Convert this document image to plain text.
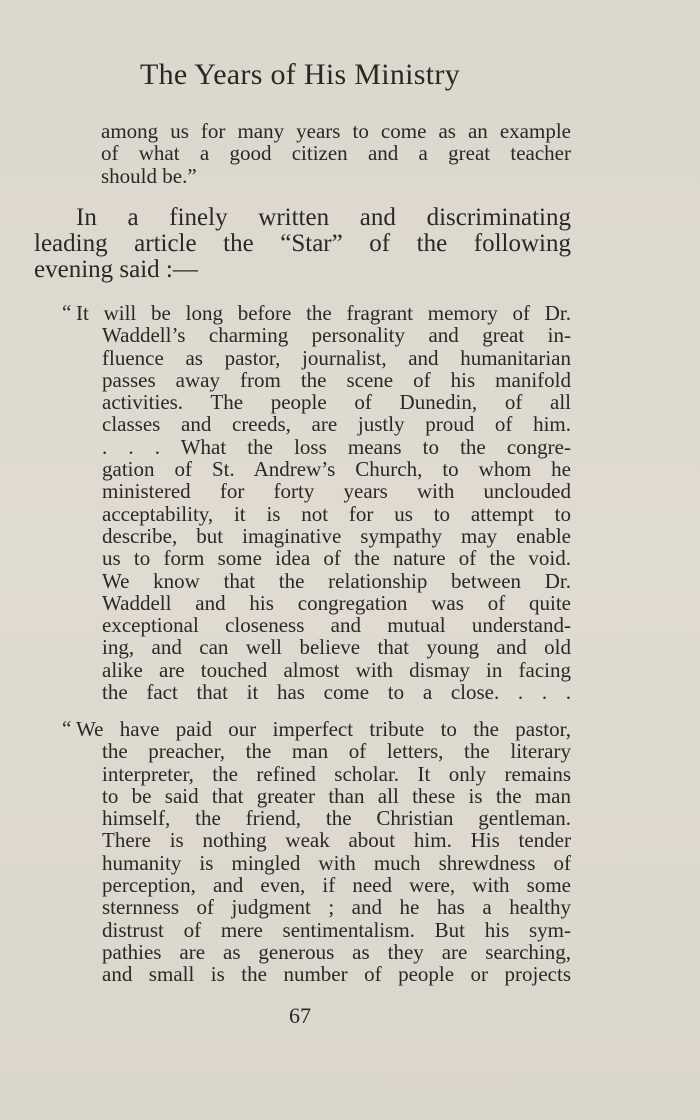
The Years of His Ministry
among us for many years to come as an example
of what a good citizen and a great teacher
should be.”
In a finely written and discriminating
leading article the “Star” of the following
evening said :—
“ It will be long before the fragrant memory of Dr.
Waddell’s charming personality and great in-
fluence as pastor, journalist, and humanitarian
passes away from the scene of his manifold
activities. The people of Dunedin, of all
classes and creeds, are justly proud of him.
. . . What the loss means to the congre-
gation of St. Andrew’s Church, to whom he
ministered for forty years with unclouded
acceptability, it is not for us to attempt to
describe, but imaginative sympathy may enable
us to form some idea of the nature of the void.
We know that the relationship between Dr.
Waddell and his congregation was of quite
exceptional closeness and mutual understand-
ing, and can well believe that young and old
alike are touched almost with dismay in facing
the fact that it has come to a close. . . .
“ We have paid our imperfect tribute to the pastor,
the preacher, the man of letters, the literary
interpreter, the refined scholar. It only remains
to be said that greater than all these is the man
himself, the friend, the Christian gentleman.
There is nothing weak about him. His tender
humanity is mingled with much shrewdness of
perception, and even, if need were, with some
sternness of judgment ; and he has a healthy
distrust of mere sentimentalism. But his sym-
pathies are as generous as they are searching,
and small is the number of people or projects
67
